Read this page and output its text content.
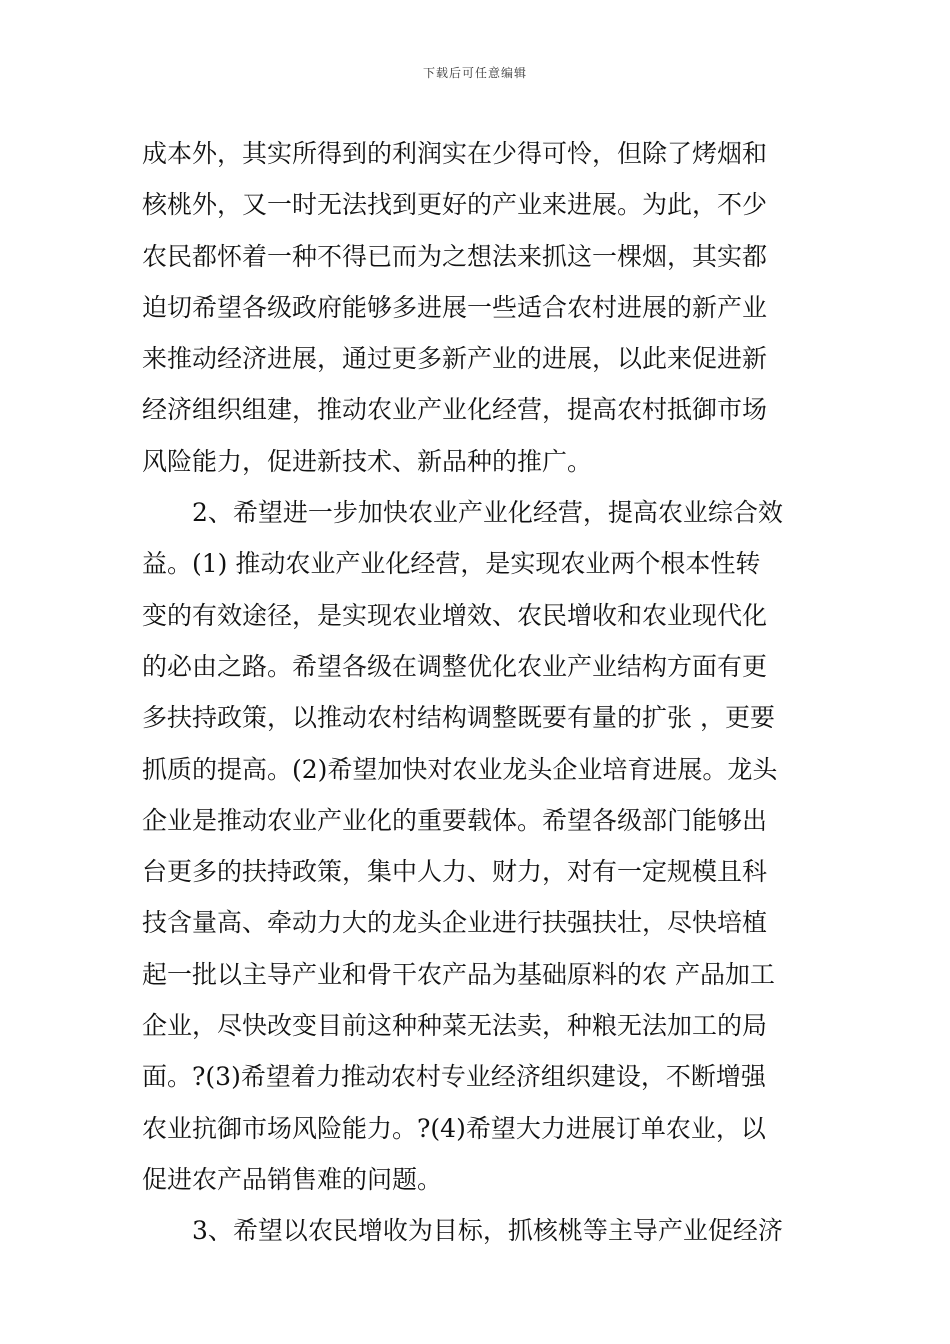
下载后可任意编辑
成本外，其实所得到的利润实在少得可怜，但除了烤烟和
核桃外，又一时无法找到更好的产业来进展。为此，不少
农民都怀着一种不得已而为之想法来抓这一棵烟，其实都
迫切希望各级政府能够多进展一些适合农村进展的新产业
来推动经济进展，通过更多新产业的进展，以此来促进新
经济组织组建，推动农业产业化经营，提高农村抵御市场
风险能力，促进新技术、新品种的推广。
2、希望进一步加快农业产业化经营，提高农业综合效
益。(1) 推动农业产业化经营，是实现农业两个根本性转
变的有效途径，是实现农业增效、农民增收和农业现代化
的必由之路。希望各级在调整优化农业产业结构方面有更
多扶持政策，以推动农村结构调整既要有量的扩张 ，更要
抓质的提高。(2)希望加快对农业龙头企业培育进展。龙头
企业是推动农业产业化的重要载体。希望各级部门能够出
台更多的扶持政策，集中人力、财力，对有一定规模且科
技含量高、牵动力大的龙头企业进行扶强扶壮，尽快培植
起一批以主导产业和骨干农产品为基础原料的农 产品加工
企业，尽快改变目前这种种菜无法卖，种粮无法加工的局
面。?(3)希望着力推动农村专业经济组织建设，不断增强
农业抗御市场风险能力。?(4)希望大力进展订单农业，以
促进农产品销售难的问题。
3、希望以农民增收为目标，抓核桃等主导产业促经济
